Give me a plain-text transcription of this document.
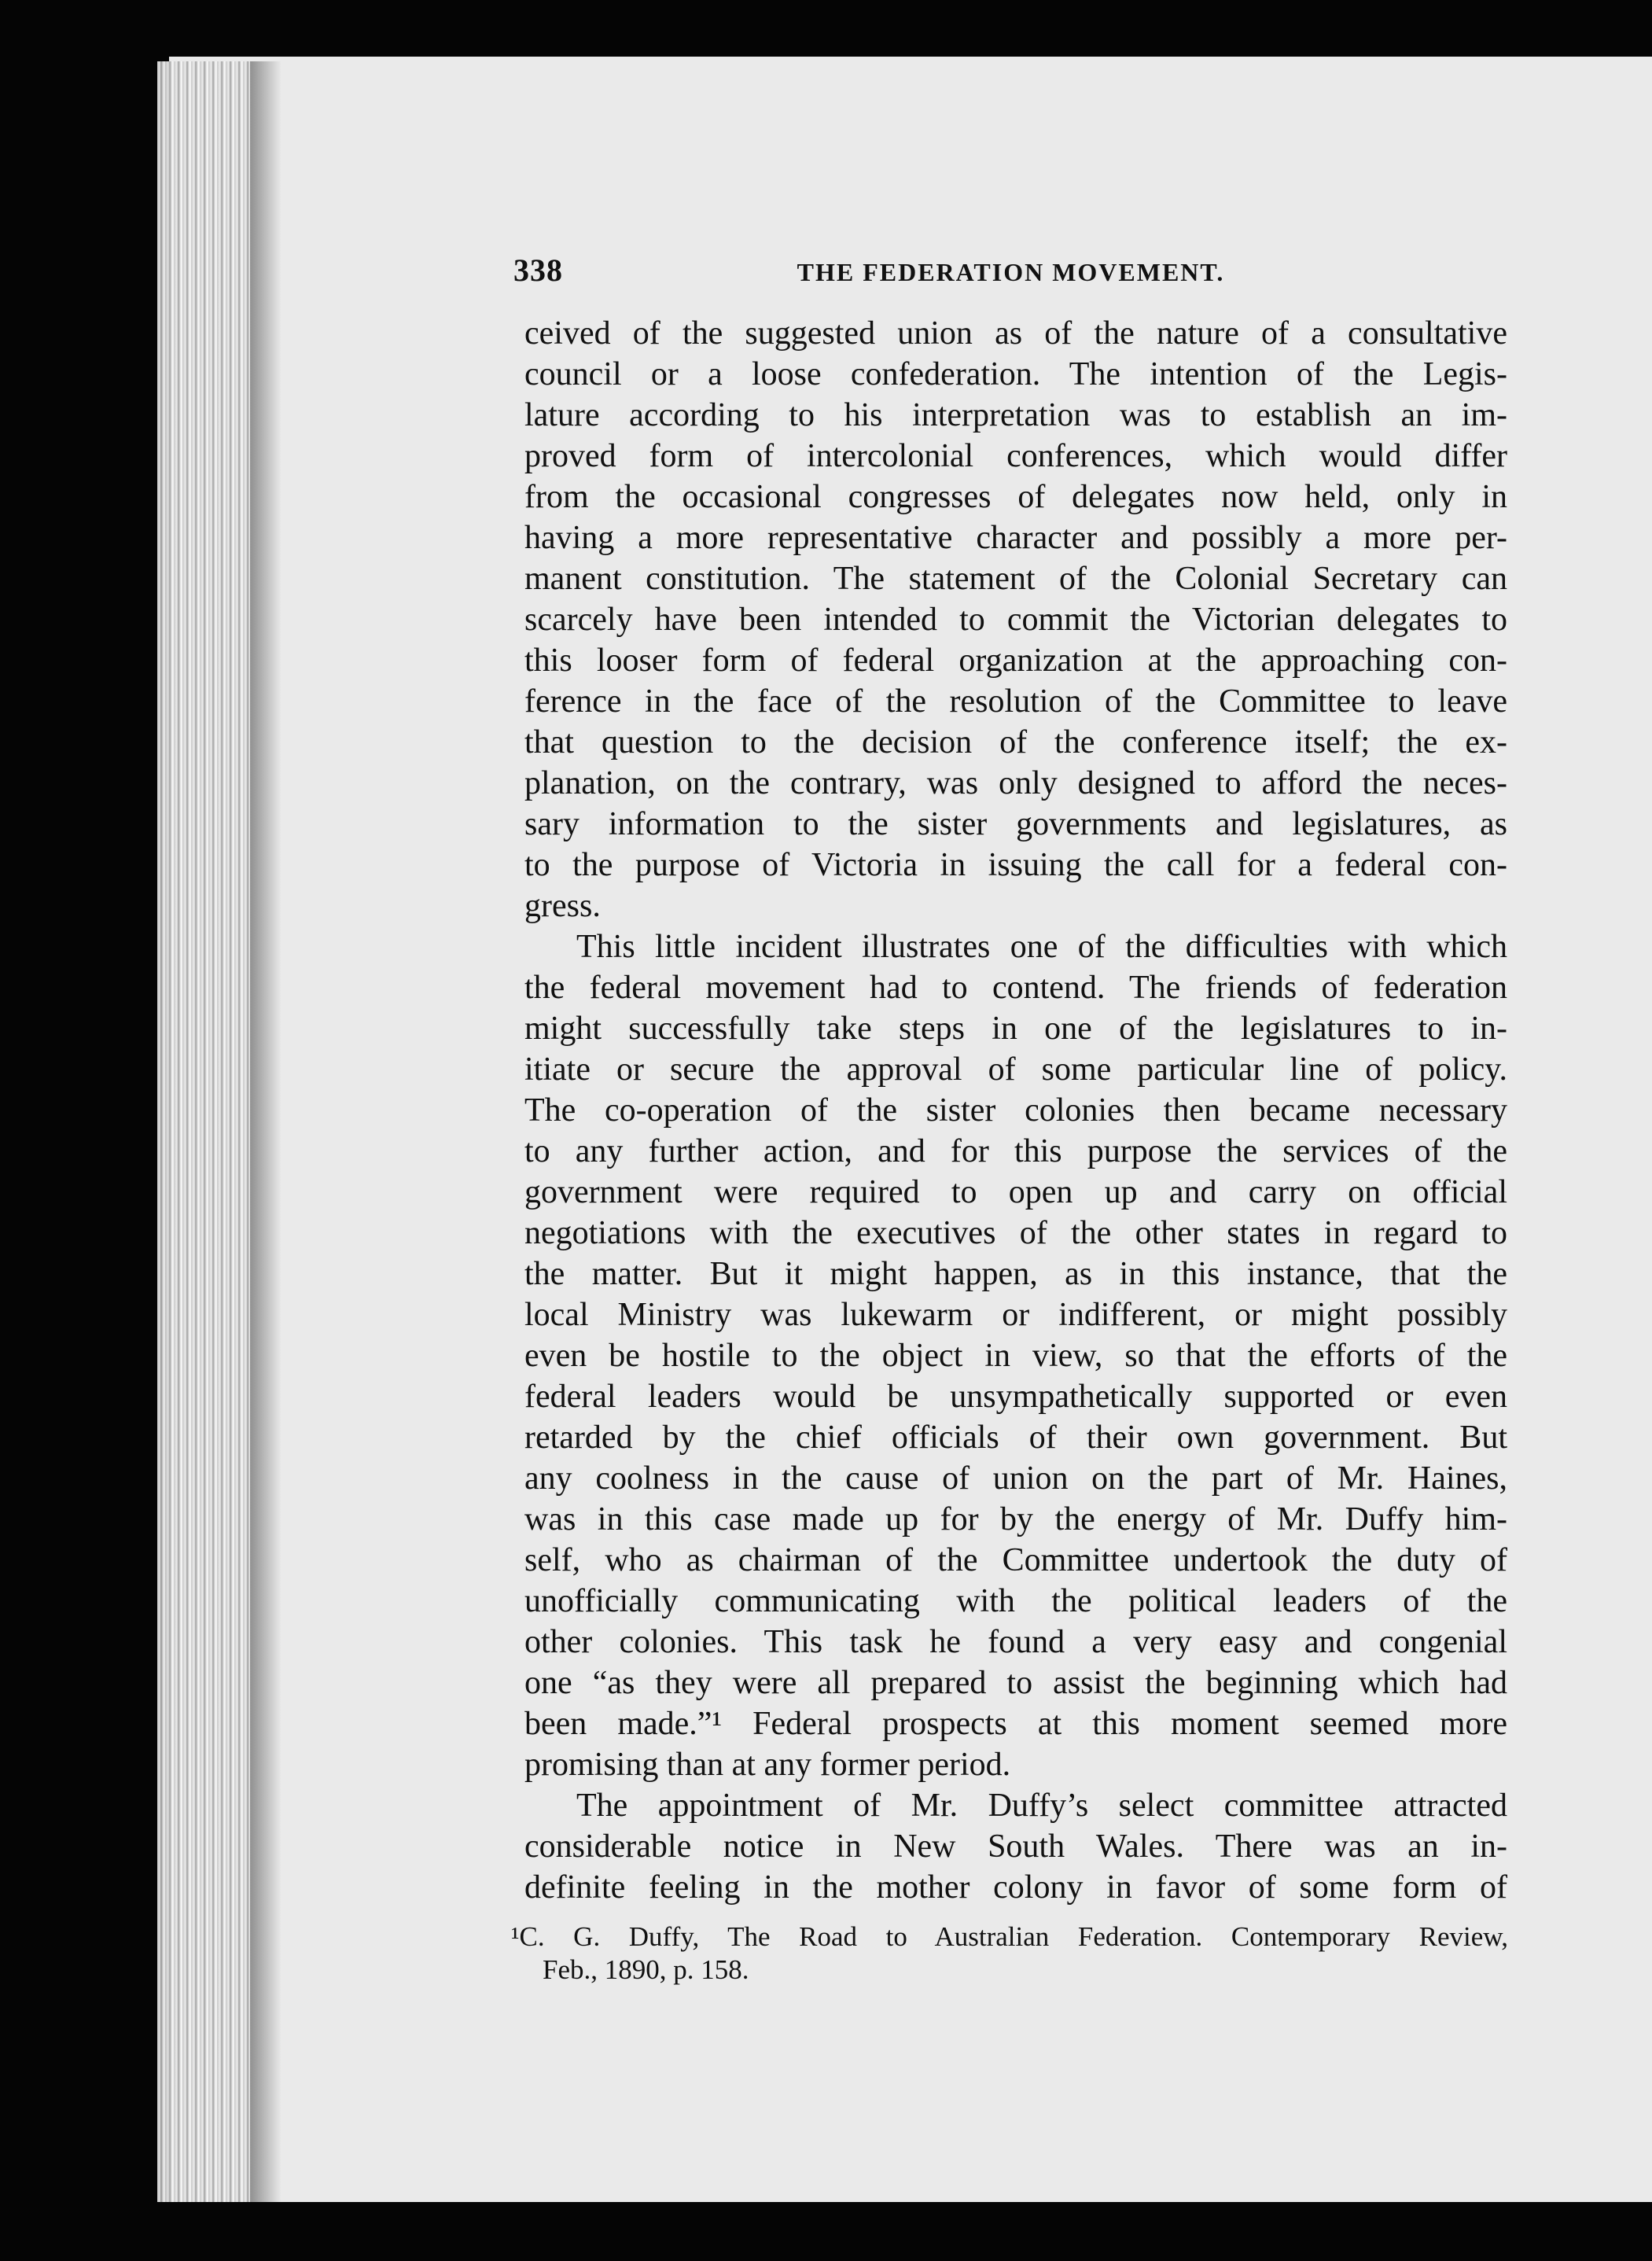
338	THE FEDERATION MOVEMENT.
ceived of the suggested union as of the nature of a consultative
council or a loose confederation. The intention of the Legis-
lature according to his interpretation was to establish an im-
proved form of intercolonial conferences, which would differ
from the occasional congresses of delegates now held, only in
having a more representative character and possibly a more per-
manent constitution. The statement of the Colonial Secretary can
scarcely have been intended to commit the Victorian delegates to
this looser form of federal organization at the approaching con-
ference in the face of the resolution of the Committee to leave
that question to the decision of the conference itself; the ex-
planation, on the contrary, was only designed to afford the neces-
sary information to the sister governments and legislatures, as
to the purpose of Victoria in issuing the call for a federal con-
gress.
This little incident illustrates one of the difficulties with which
the federal movement had to contend. The friends of federation
might successfully take steps in one of the legislatures to in-
itiate or secure the approval of some particular line of policy.
The co-operation of the sister colonies then became necessary
to any further action, and for this purpose the services of the
government were required to open up and carry on official
negotiations with the executives of the other states in regard to
the matter. But it might happen, as in this instance, that the
local Ministry was lukewarm or indifferent, or might possibly
even be hostile to the object in view, so that the efforts of the
federal leaders would be unsympathetically supported or even
retarded by the chief officials of their own government. But
any coolness in the cause of union on the part of Mr. Haines,
was in this case made up for by the energy of Mr. Duffy him-
self, who as chairman of the Committee undertook the duty of
unofficially communicating with the political leaders of the
other colonies. This task he found a very easy and congenial
one “as they were all prepared to assist the beginning which had
been made.”¹ Federal prospects at this moment seemed more
promising than at any former period.
The appointment of Mr. Duffy’s select committee attracted
considerable notice in New South Wales. There was an in-
definite feeling in the mother colony in favor of some form of
¹C. G. Duffy, The Road to Australian Federation. Contemporary Review,
Feb., 1890, p. 158.
